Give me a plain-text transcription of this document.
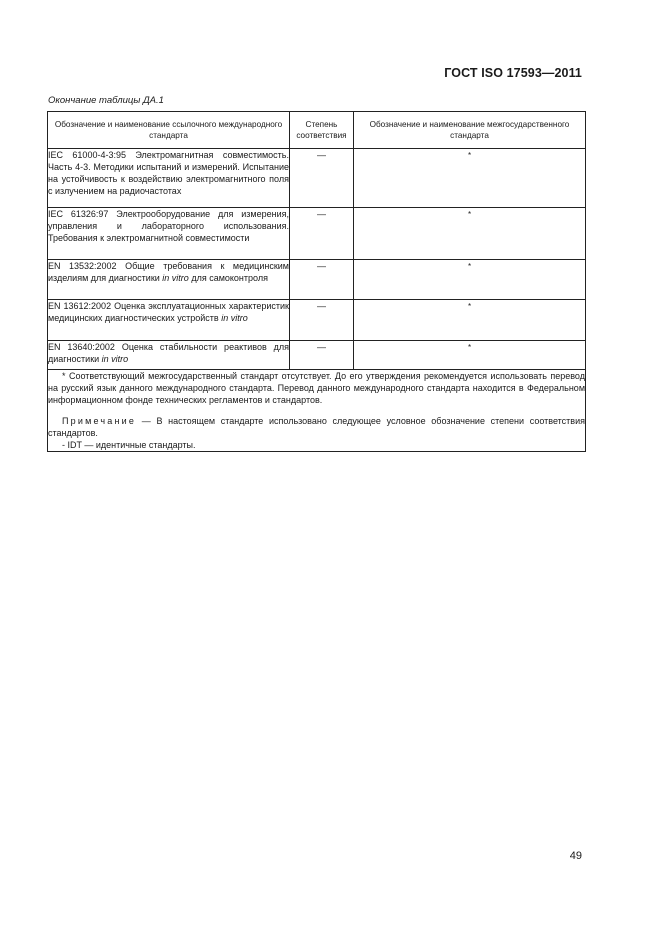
ГОСТ ISO 17593—2011
Окончание таблицы ДА.1
Обозначение и наименование ссылочного международного стандарта	Степень соответствия	Обозначение и наименование межгосударственного стандарта
IEC 61000-4-3:95 Электромагнитная совместимость. Часть 4-3. Методики испытаний и измерений. Испытание на устойчивость к воздействию электромагнитного поля с излучением на радиочастотах	—	*
IEC 61326:97 Электрооборудование для измерения, управления и лабораторного использования. Требования к электромагнитной совместимости	—	*
EN 13532:2002 Общие требования к медицинским изделиям для диагностики in vitro для самоконтроля	—	*
EN 13612:2002 Оценка эксплуатационных характеристик медицинских диагностических устройств in vitro	—	*
EN 13640:2002 Оценка стабильности реактивов для диагностики in vitro	—	*

* Соответствующий межгосударственный стандарт отсутствует. До его утверждения рекомендуется использовать перевод на русский язык данного международного стандарта. Перевод данного международного стандарта находится в Федеральном информационном фонде технических регламентов и стандартов.

Примечание — В настоящем стандарте использовано следующее условное обозначение степени соответствия стандартов.

- IDT — идентичные стандарты.		

49
